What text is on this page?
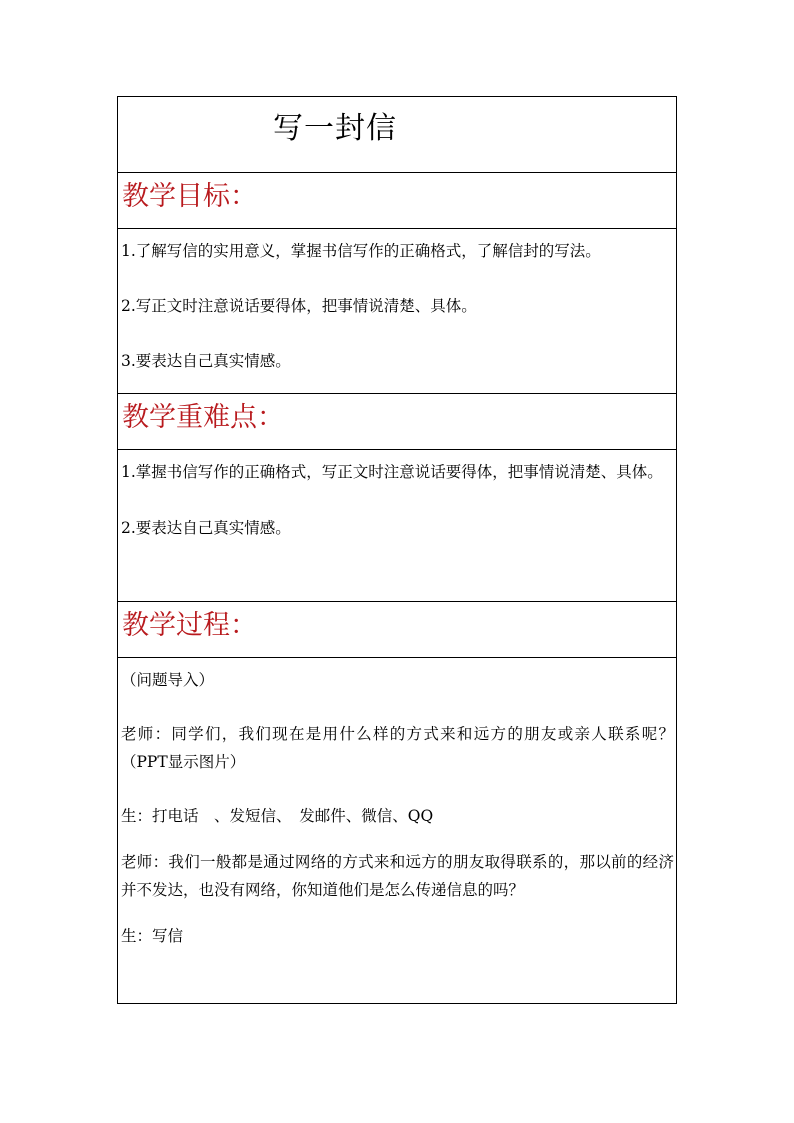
写一封信
教学目标：

1.了解写信的实用意义，掌握书信写作的正确格式，了解信封的写法。

2.写正文时注意说话要得体，把事情说清楚、具体。

3.要表达自己真实情感。

教学重难点：

1.掌握书信写作的正确格式，写正文时注意说话要得体，把事情说清楚、具体。

2.要表达自己真实情感。

教学过程：

（问题导入）

老师：同学们，我们现在是用什么样的方式来和远方的朋友或亲人联系呢？（PPT显示图片）

生：打电话　、发短信、　发邮件、微信、QQ

老师：我们一般都是通过网络的方式来和远方的朋友取得联系的，那以前的经济并不发达，也没有网络，你知道他们是怎么传递信息的吗？

生：写信
